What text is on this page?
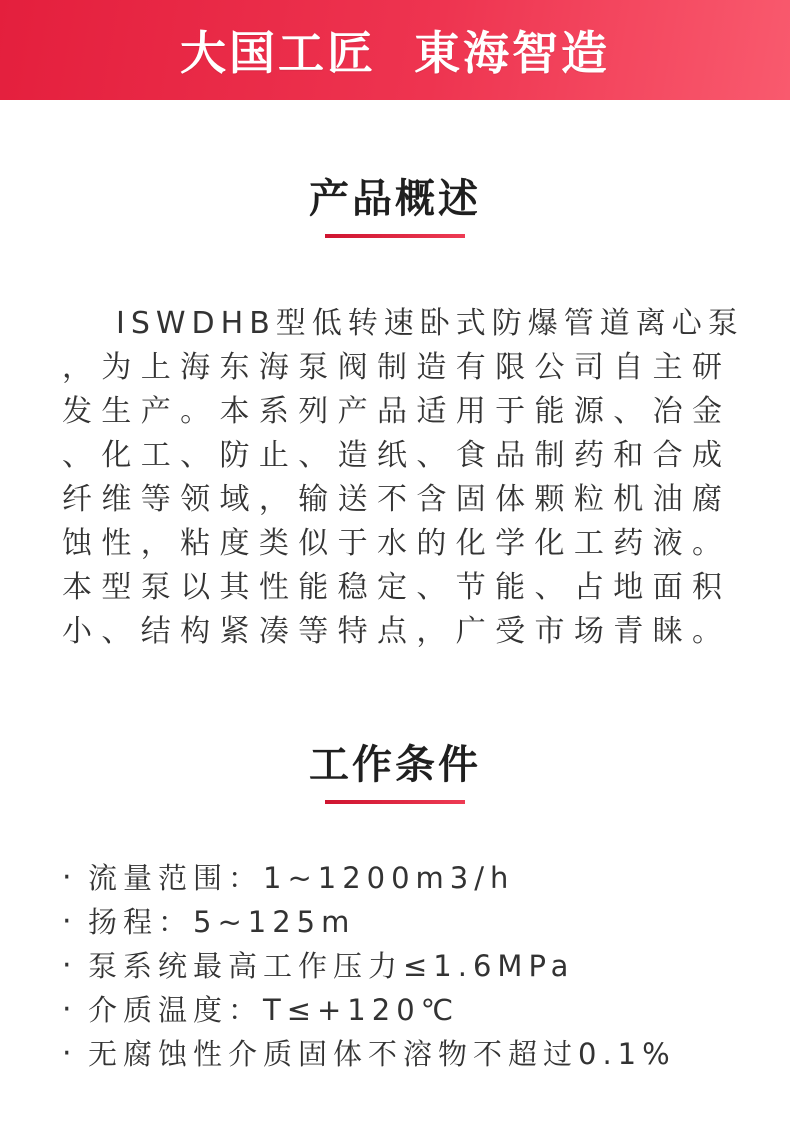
大国工匠  東海智造
产品概述
ISWDHB型低转速卧式防爆管道离心泵
，为上海东海泵阀制造有限公司自主研
发生产。本系列产品适用于能源、冶金
、化工、防止、造纸、食品制药和合成
纤维等领域，输送不含固体颗粒机油腐
蚀性，粘度类似于水的化学化工药液。
本型泵以其性能稳定、节能、占地面积
小、结构紧凑等特点，广受市场青睐。
工作条件
· 流量范围：1~1200m3/h
· 扬程：5~125m
· 泵系统最高工作压力≤1.6MPa
· 介质温度：T≤+120℃
· 无腐蚀性介质固体不溶物不超过0.1%
